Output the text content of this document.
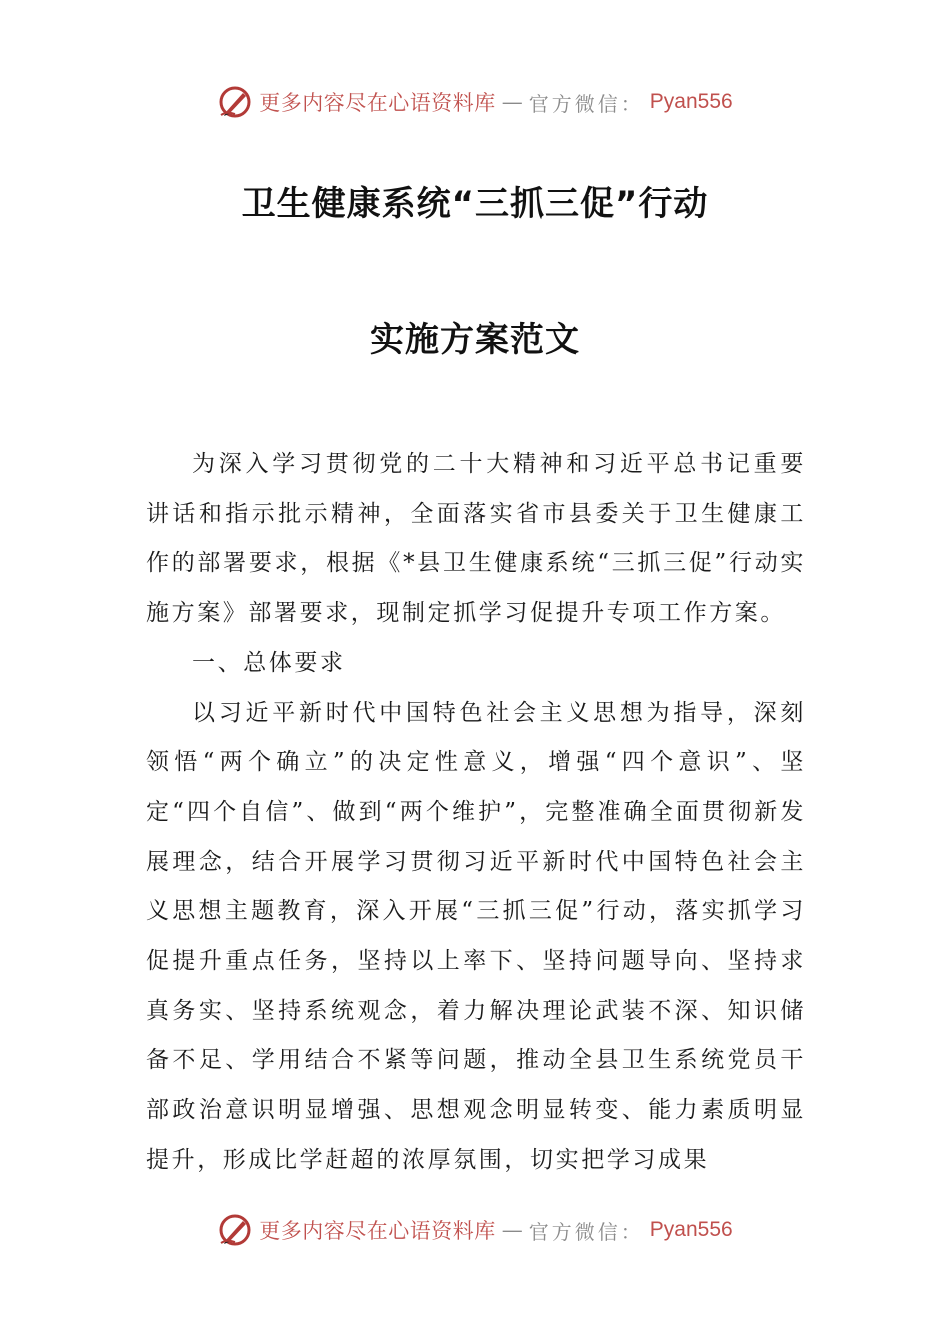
更多内容尽在心语资料库 — 官方微信： Pyan556
卫生健康系统“三抓三促”行动
实施方案范文

为深入学习贯彻党的二十大精神和习近平总书记重要讲话和指示批示精神，全面落实省市县委关于卫生健康工作的部署要求，根据《*县卫生健康系统“三抓三促”行动实施方案》部署要求，现制定抓学习促提升专项工作方案。

一、总体要求

以习近平新时代中国特色社会主义思想为指导，深刻领悟“两个确立”的决定性意义，增强“四个意识”、坚定“四个自信”、做到“两个维护”，完整准确全面贯彻新发展理念，结合开展学习贯彻习近平新时代中国特色社会主义思想主题教育，深入开展“三抓三促”行动，落实抓学习促提升重点任务，坚持以上率下、坚持问题导向、坚持求真务实、坚持系统观念，着力解决理论武装不深、知识储备不足、学用结合不紧等问题，推动全县卫生系统党员干部政治意识明显增强、思想观念明显转变、能力素质明显提升，形成比学赶超的浓厚氛围，切实把学习成果

更多内容尽在心语资料库 — 官方微信： Pyan556
